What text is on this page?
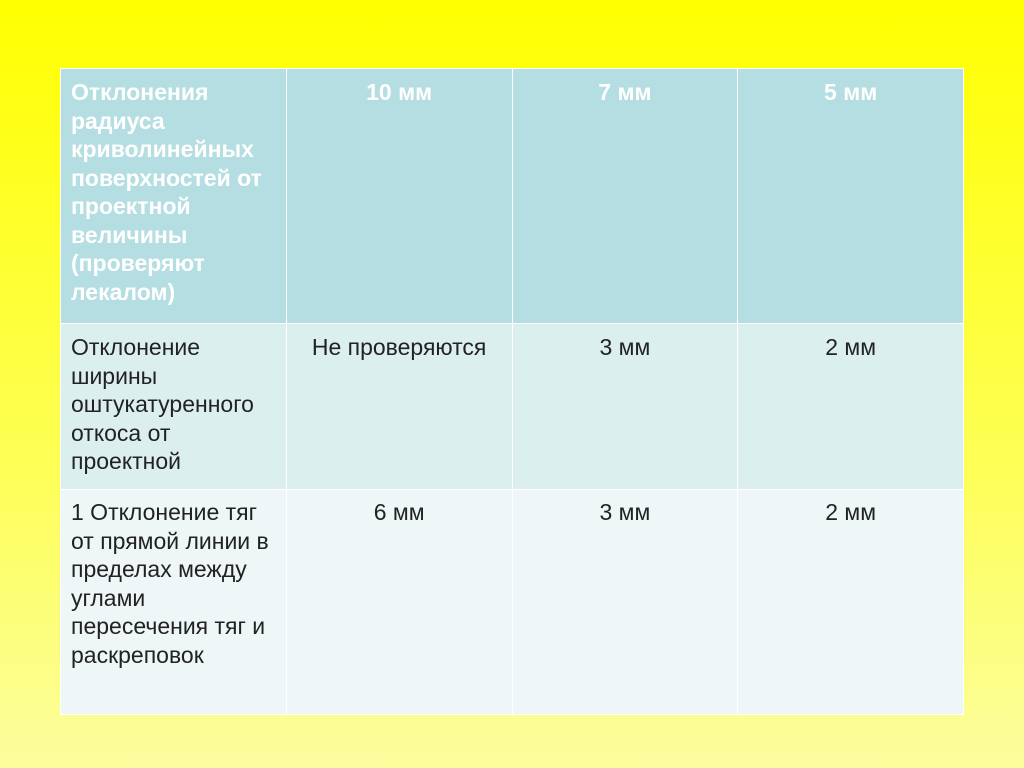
Отклонения радиуса криволинейных поверхностей от проектной величины (проверяют лекалом)	10 мм	7 мм	5 мм
Отклонение ширины оштукатуренного откоса от проектной	Не проверяются	3 мм	2 мм
1 Отклонение тяг от прямой линии в пределах между углами пересечения тяг и раскреповок	6 мм	3 мм	2 мм
